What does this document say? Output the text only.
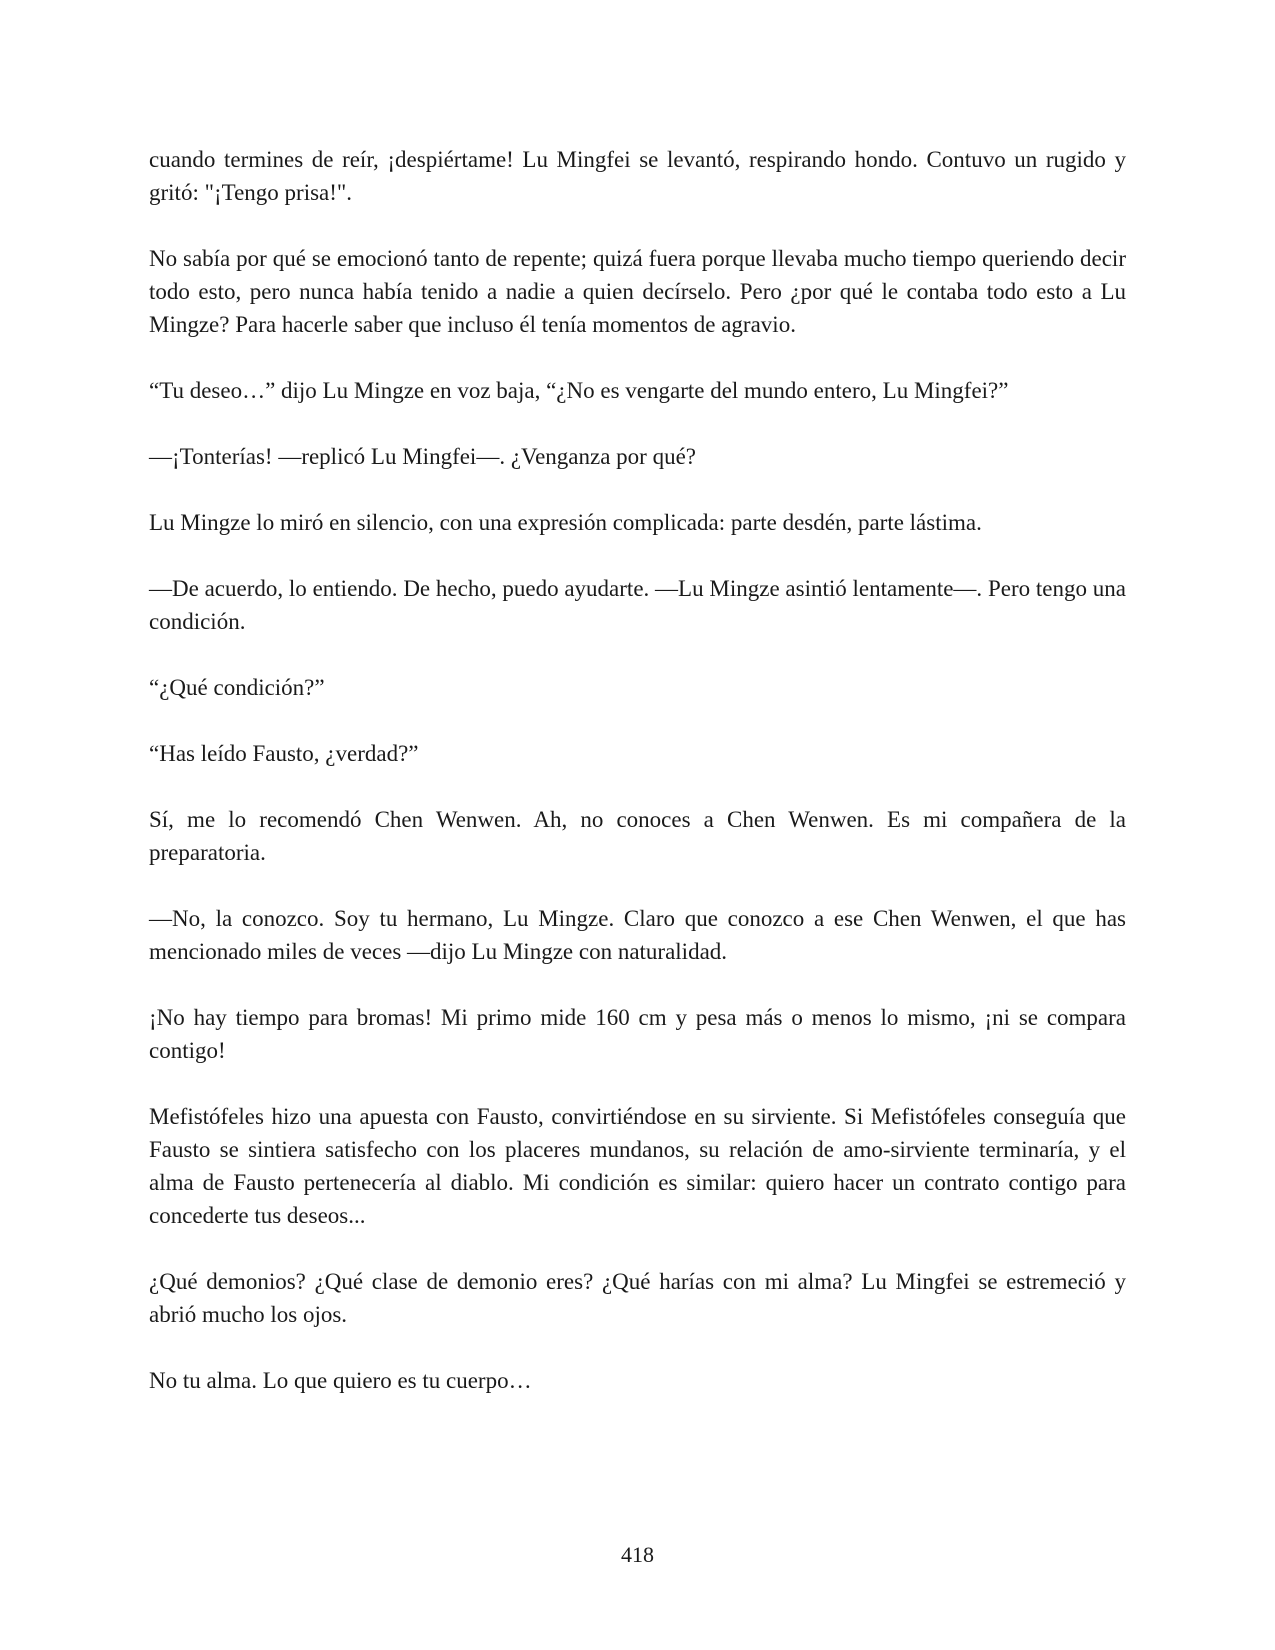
cuando termines de reír, ¡despiértame! Lu Mingfei se levantó, respirando hondo. Contuvo un rugido y gritó: "¡Tengo prisa!".

No sabía por qué se emocionó tanto de repente; quizá fuera porque llevaba mucho tiempo queriendo decir todo esto, pero nunca había tenido a nadie a quien decírselo. Pero ¿por qué le contaba todo esto a Lu Mingze? Para hacerle saber que incluso él tenía momentos de agravio.

“Tu deseo…” dijo Lu Mingze en voz baja, “¿No es vengarte del mundo entero, Lu Mingfei?”

—¡Tonterías! —replicó Lu Mingfei—. ¿Venganza por qué?

Lu Mingze lo miró en silencio, con una expresión complicada: parte desdén, parte lástima.

—De acuerdo, lo entiendo. De hecho, puedo ayudarte. —Lu Mingze asintió lentamente—. Pero tengo una condición.

“¿Qué condición?”

“Has leído Fausto, ¿verdad?”

Sí, me lo recomendó Chen Wenwen. Ah, no conoces a Chen Wenwen. Es mi compañera de la preparatoria.

—No, la conozco. Soy tu hermano, Lu Mingze. Claro que conozco a ese Chen Wenwen, el que has mencionado miles de veces —dijo Lu Mingze con naturalidad.

¡No hay tiempo para bromas! Mi primo mide 160 cm y pesa más o menos lo mismo, ¡ni se compara contigo!

Mefistófeles hizo una apuesta con Fausto, convirtiéndose en su sirviente. Si Mefistófeles conseguía que Fausto se sintiera satisfecho con los placeres mundanos, su relación de amo-sirviente terminaría, y el alma de Fausto pertenecería al diablo. Mi condición es similar: quiero hacer un contrato contigo para concederte tus deseos...

¿Qué demonios? ¿Qué clase de demonio eres? ¿Qué harías con mi alma? Lu Mingfei se estremeció y abrió mucho los ojos.

No tu alma. Lo que quiero es tu cuerpo…

418
